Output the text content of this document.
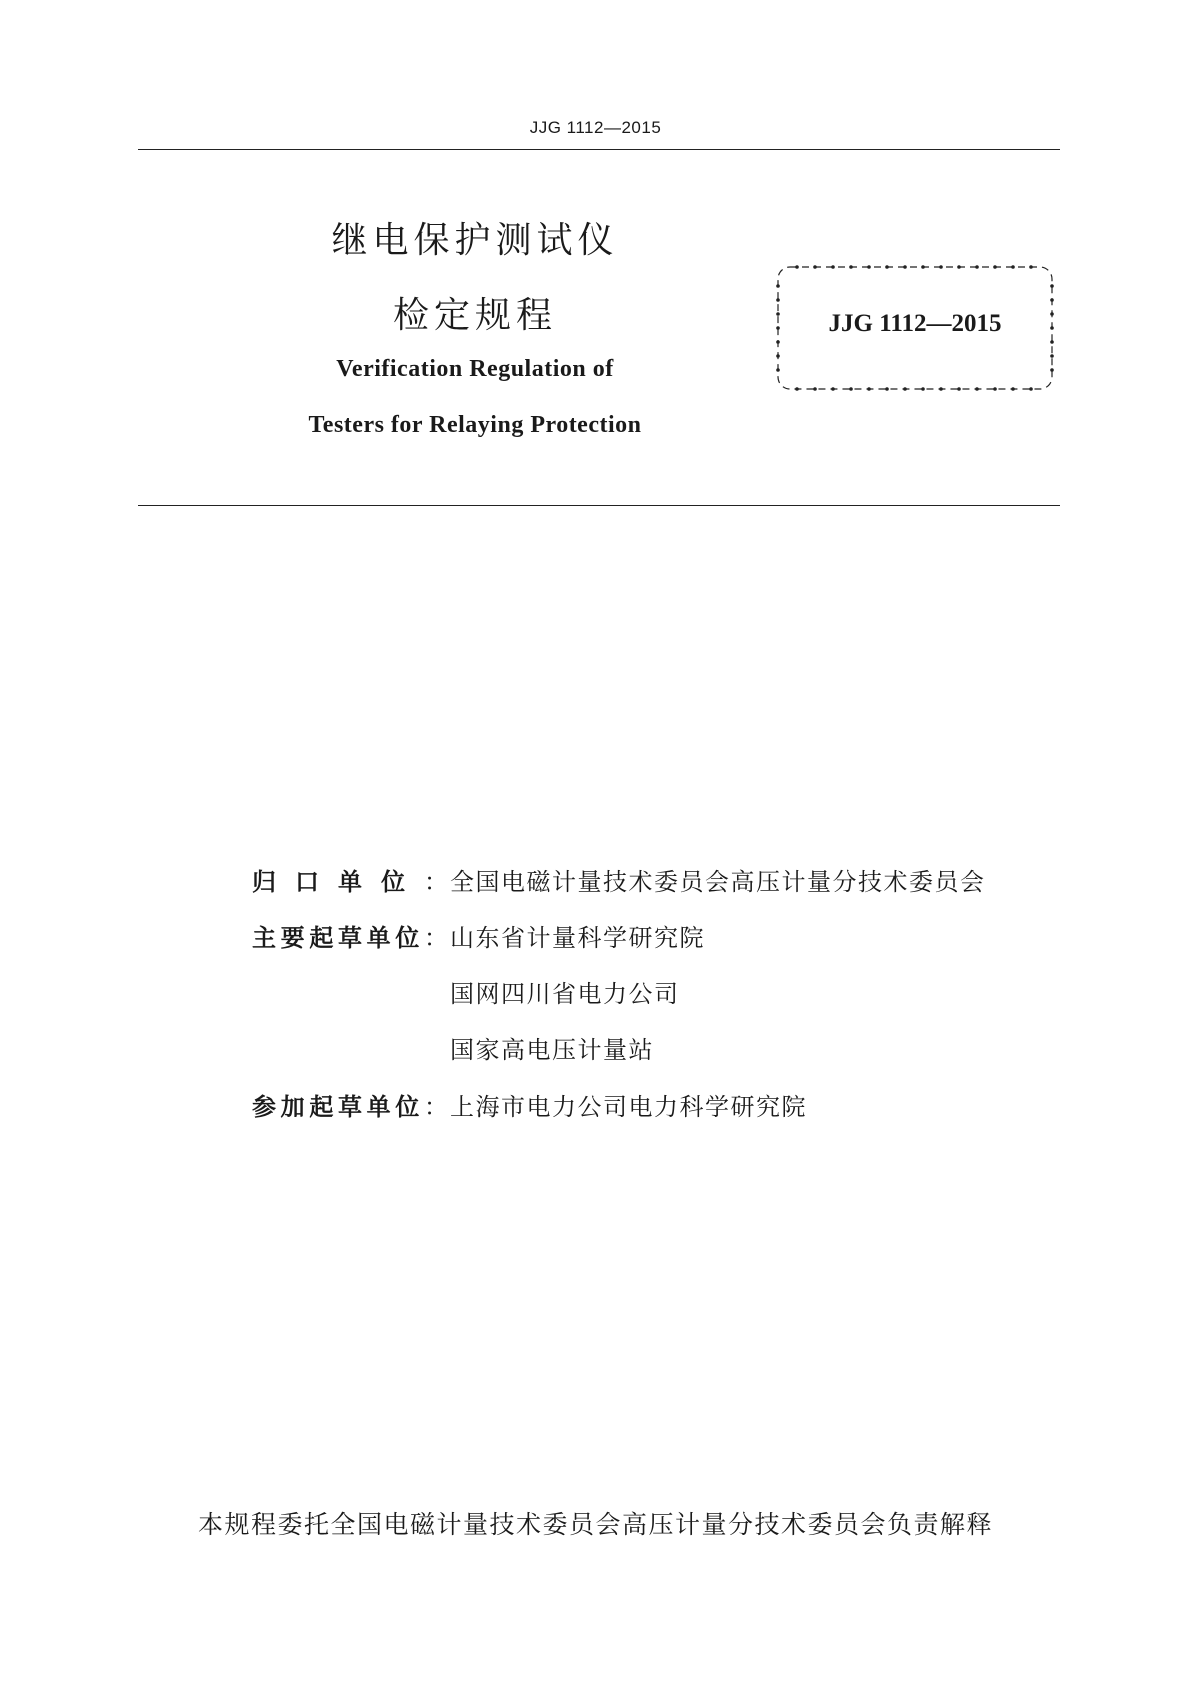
JJG 1112—2015
继电保护测试仪
检定规程
Verification Regulation of
Testers for Relaying Protection
JJG 1112—2015
归 口 单 位 ： 全国电磁计量技术委员会高压计量分技术委员会
主 要 起 草 单 位 ： 山东省计量科学研究院
国网四川省电力公司
国家高电压计量站
参 加 起 草 单 位 ： 上海市电力公司电力科学研究院
本规程委托全国电磁计量技术委员会高压计量分技术委员会负责解释
